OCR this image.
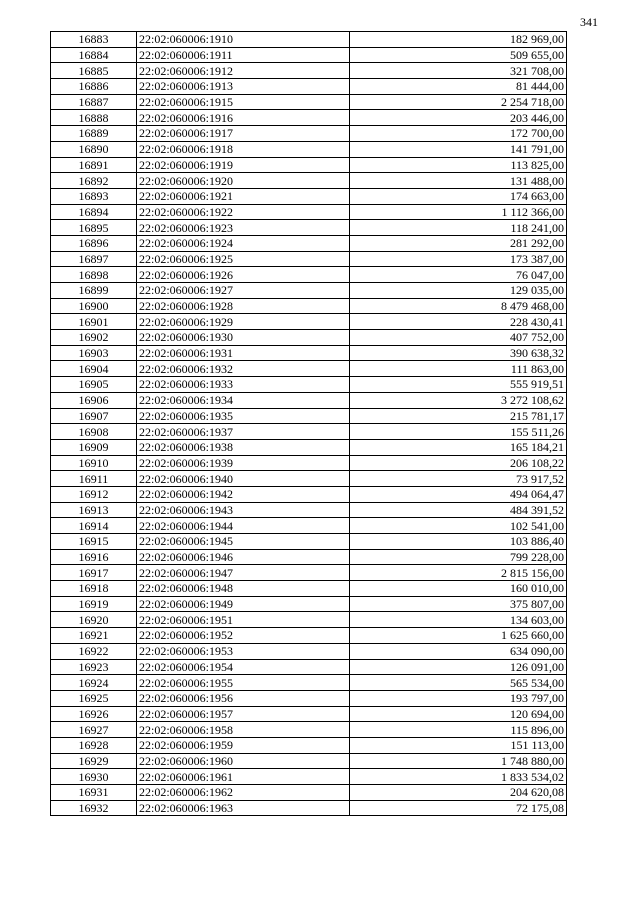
341
16883	22:02:060006:1910	182 969,00
16884	22:02:060006:1911	509 655,00
16885	22:02:060006:1912	321 708,00
16886	22:02:060006:1913	81 444,00
16887	22:02:060006:1915	2 254 718,00
16888	22:02:060006:1916	203 446,00
16889	22:02:060006:1917	172 700,00
16890	22:02:060006:1918	141 791,00
16891	22:02:060006:1919	113 825,00
16892	22:02:060006:1920	131 488,00
16893	22:02:060006:1921	174 663,00
16894	22:02:060006:1922	1 112 366,00
16895	22:02:060006:1923	118 241,00
16896	22:02:060006:1924	281 292,00
16897	22:02:060006:1925	173 387,00
16898	22:02:060006:1926	76 047,00
16899	22:02:060006:1927	129 035,00
16900	22:02:060006:1928	8 479 468,00
16901	22:02:060006:1929	228 430,41
16902	22:02:060006:1930	407 752,00
16903	22:02:060006:1931	390 638,32
16904	22:02:060006:1932	111 863,00
16905	22:02:060006:1933	555 919,51
16906	22:02:060006:1934	3 272 108,62
16907	22:02:060006:1935	215 781,17
16908	22:02:060006:1937	155 511,26
16909	22:02:060006:1938	165 184,21
16910	22:02:060006:1939	206 108,22
16911	22:02:060006:1940	73 917,52
16912	22:02:060006:1942	494 064,47
16913	22:02:060006:1943	484 391,52
16914	22:02:060006:1944	102 541,00
16915	22:02:060006:1945	103 886,40
16916	22:02:060006:1946	799 228,00
16917	22:02:060006:1947	2 815 156,00
16918	22:02:060006:1948	160 010,00
16919	22:02:060006:1949	375 807,00
16920	22:02:060006:1951	134 603,00
16921	22:02:060006:1952	1 625 660,00
16922	22:02:060006:1953	634 090,00
16923	22:02:060006:1954	126 091,00
16924	22:02:060006:1955	565 534,00
16925	22:02:060006:1956	193 797,00
16926	22:02:060006:1957	120 694,00
16927	22:02:060006:1958	115 896,00
16928	22:02:060006:1959	151 113,00
16929	22:02:060006:1960	1 748 880,00
16930	22:02:060006:1961	1 833 534,02
16931	22:02:060006:1962	204 620,08
16932	22:02:060006:1963	72 175,08
